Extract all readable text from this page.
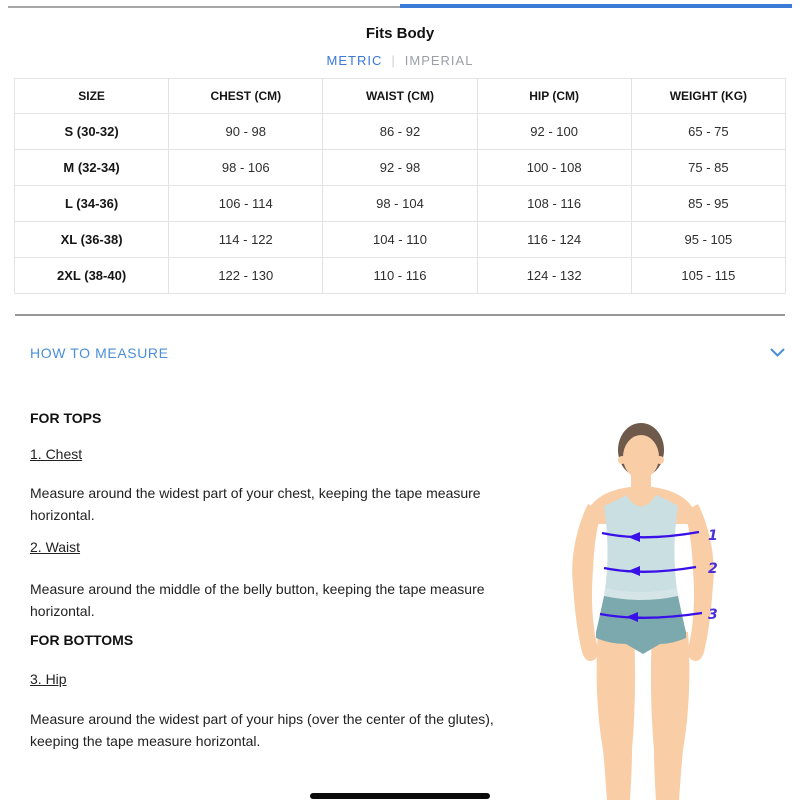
Fits Body
METRIC | IMPERIAL
SIZE	CHEST (CM)	WAIST (CM)	HIP (CM)	WEIGHT (KG)
S (30-32)	90 - 98	86 - 92	92 - 100	65 - 75
M (32-34)	98 - 106	92 - 98	100 - 108	75 - 85
L (34-36)	106 - 114	98 - 104	108 - 116	85 - 95
XL (36-38)	114 - 122	104 - 110	116 - 124	95 - 105
2XL (38-40)	122 - 130	110 - 116	124 - 132	105 - 115
HOW TO MEASURE
FOR TOPS
1. Chest
Measure around the widest part of your chest, keeping the tape measure
horizontal.
2. Waist
Measure around the middle of the belly button, keeping the tape measure
horizontal.
FOR BOTTOMS
3. Hip
Measure around the widest part of your hips (over the center of the glutes),
keeping the tape measure horizontal.
1
2
3
